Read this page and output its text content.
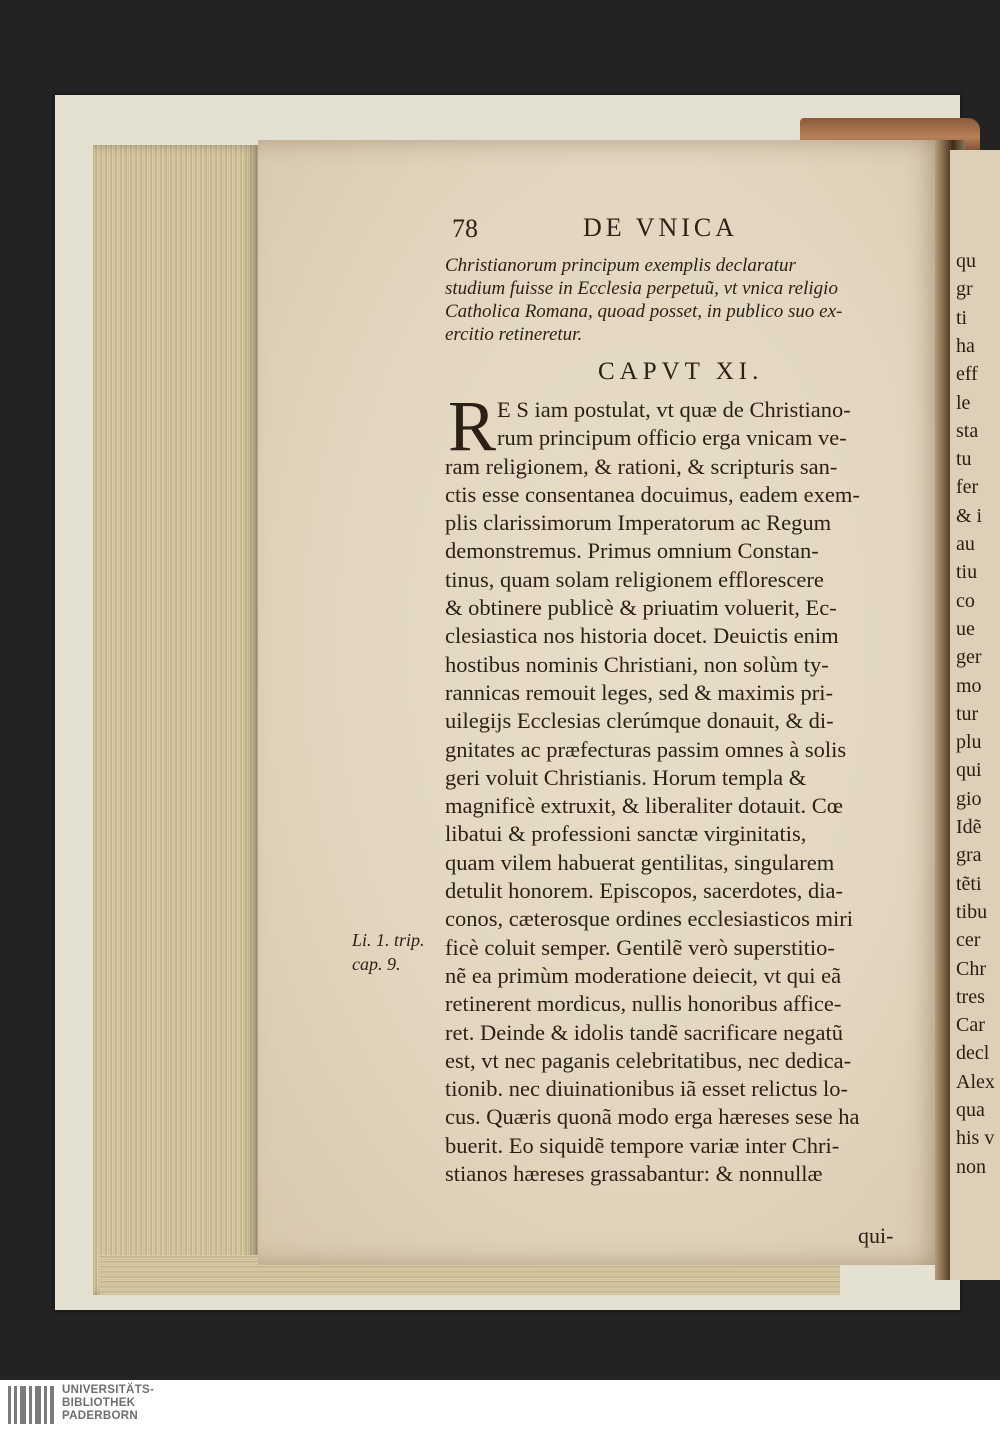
qu
gr
ti
ha
eff
le
sta
tu
fer
& i
au
tiu
co
ue
ger
mo
tur
plu
qui
gio
Idẽ
gra
tẽti
tibu
cer
Chr
tres
Car
decl
Alex
qua
his v
non
78	DE VNICA
Christianorum principum exemplis declaratur
studium fuisse in Ecclesia perpetuũ, vt vnica religio
Catholica Romana, quoad posset, in publico suo ex-
ercitio retineretur.
CAPVT XI.
R E S iam postulat, vt quæ de Christiano-
rum principum officio erga vnicam ve-
ram religionem, & rationi, & scripturis san-
ctis esse consentanea docuimus, eadem exem-
plis clarissimorum Imperatorum ac Regum
demonstremus. Primus omnium Constan-
tinus, quam solam religionem efflorescere
& obtinere publicè & priuatim voluerit, Ec-
clesiastica nos historia docet. Deuictis enim
hostibus nominis Christiani, non solùm ty-
rannicas remouit leges, sed & maximis pri-
uilegijs Ecclesias clerúmque donauit, & di-
gnitates ac præfecturas passim omnes à solis
geri voluit Christianis. Horum templa &
magnificè extruxit, & liberaliter dotauit. Cœ
libatui & professioni sanctæ virginitatis,
quam vilem habuerat gentilitas, singularem
detulit honorem. Episcopos, sacerdotes, dia-
conos, cæterosque ordines ecclesiasticos miri
ficè coluit semper. Gentilẽ verò superstitio-
nẽ ea primùm moderatione deiecit, vt qui eã
retinerent mordicus, nullis honoribus affice-
ret. Deinde & idolis tandẽ sacrificare negatũ
est, vt nec paganis celebritatibus, nec dedica-
tionib. nec diuinationibus iã esset relictus lo-
cus. Quæris quonã modo erga hæreses sese ha
buerit. Eo siquidẽ tempore variæ inter Chri-
stianos hæreses grassabantur: & nonnullæ
Li. 1. trip.
cap. 9.
qui-
UNIVERSITÄTS-
BIBLIOTHEK
PADERBORN
